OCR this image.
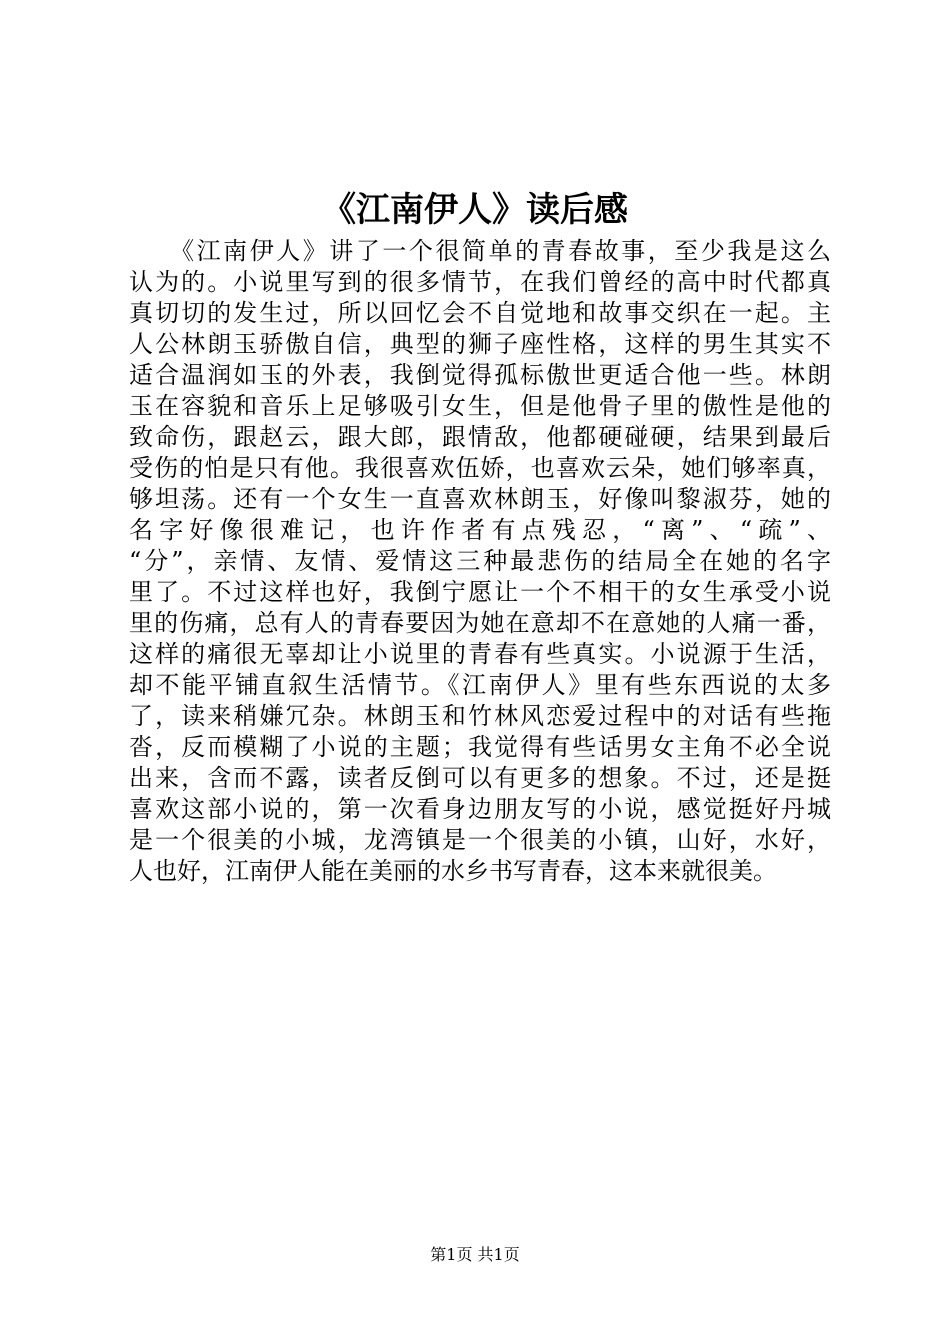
《江南伊人》读后感
　　《江南伊人》讲了一个很简单的青春故事，至少我是这么
认为的。小说里写到的很多情节，在我们曾经的高中时代都真
真切切的发生过，所以回忆会不自觉地和故事交织在一起。主
人公林朗玉骄傲自信，典型的狮子座性格，这样的男生其实不
适合温润如玉的外表，我倒觉得孤标傲世更适合他一些。林朗
玉在容貌和音乐上足够吸引女生，但是他骨子里的傲性是他的
致命伤，跟赵云，跟大郎，跟情敌，他都硬碰硬，结果到最后
受伤的怕是只有他。我很喜欢伍娇，也喜欢云朵，她们够率真，
够坦荡。还有一个女生一直喜欢林朗玉，好像叫黎淑芬，她的
名字好像很难记，也许作者有点残忍，“离”、“疏”、
“分”，亲情、友情、爱情这三种最悲伤的结局全在她的名字
里了。不过这样也好，我倒宁愿让一个不相干的女生承受小说
里的伤痛，总有人的青春要因为她在意却不在意她的人痛一番，
这样的痛很无辜却让小说里的青春有些真实。小说源于生活，
却不能平铺直叙生活情节。《江南伊人》里有些东西说的太多
了，读来稍嫌冗杂。林朗玉和竹林风恋爱过程中的对话有些拖
沓，反而模糊了小说的主题；我觉得有些话男女主角不必全说
出来，含而不露，读者反倒可以有更多的想象。不过，还是挺
喜欢这部小说的，第一次看身边朋友写的小说，感觉挺好丹城
是一个很美的小城，龙湾镇是一个很美的小镇，山好，水好，
人也好，江南伊人能在美丽的水乡书写青春，这本来就很美。
第1页 共1页
